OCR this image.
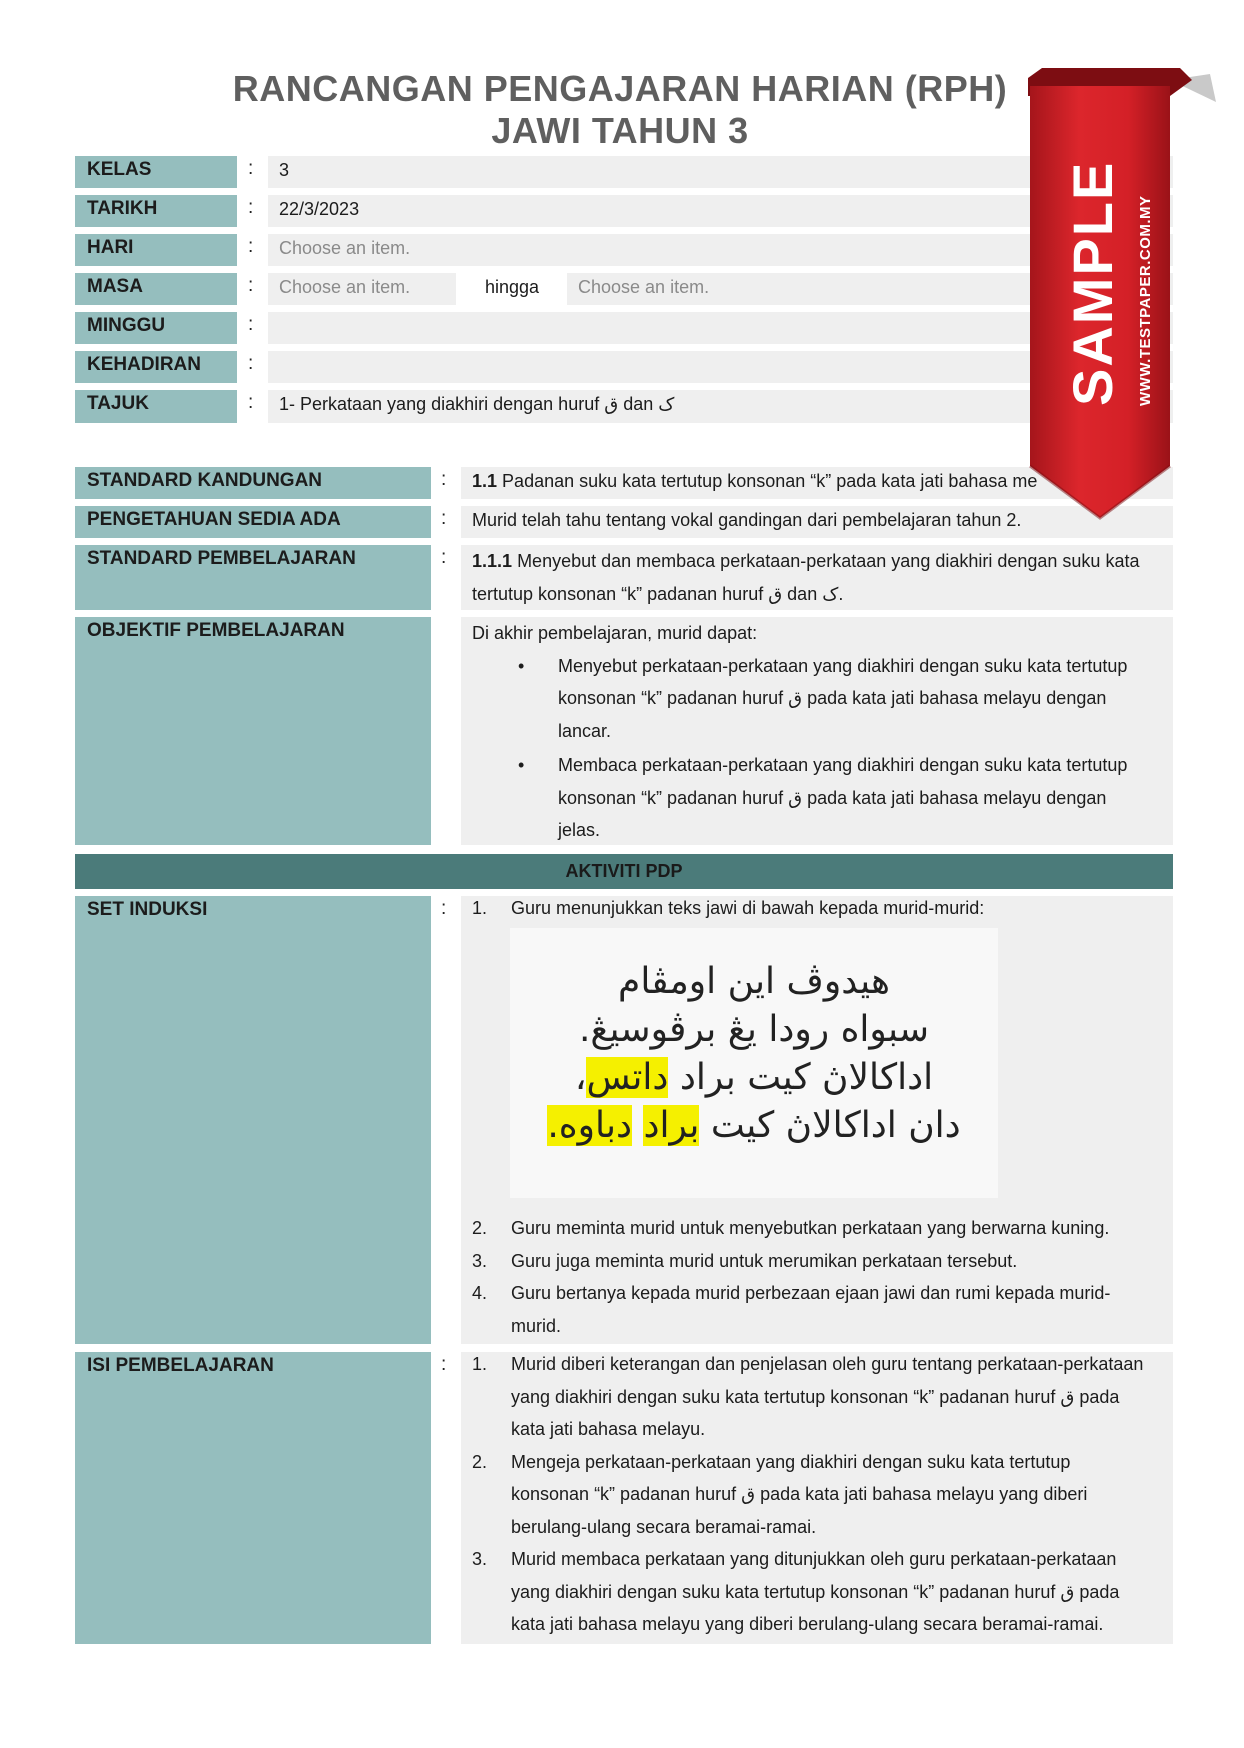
RANCANGAN PENGAJARAN HARIAN (RPH)
JAWI TAHUN 3
KELAS	:	3
TARIKH	:	22/3/2023
HARI	:	Choose an item.
MASA	:	Choose an item.	hingga	Choose an item.
MINGGU	:
KEHADIRAN	:
TAJUK	:	1- Perkataan yang diakhiri dengan huruf ق dan ک
STANDARD KANDUNGAN	:	1.1 Padanan suku kata tertutup konsonan “k” pada kata jati bahasa me
PENGETAHUAN SEDIA ADA	:	Murid telah tahu tentang vokal gandingan dari pembelajaran tahun 2.
STANDARD PEMBELAJARAN	:	1.1.1 Menyebut dan membaca perkataan-perkataan yang diakhiri dengan suku kata tertutup konsonan “k” padanan huruf ق dan ک.
OBJEKTIF PEMBELAJARAN	Di akhir pembelajaran, murid dapat:
• Menyebut perkataan-perkataan yang diakhiri dengan suku kata tertutup konsonan “k” padanan huruf ق pada kata jati bahasa melayu dengan lancar.
• Membaca perkataan-perkataan yang diakhiri dengan suku kata tertutup konsonan “k” padanan huruf ق pada kata jati bahasa melayu dengan jelas.
AKTIVITI PDP
SET INDUKSI	: 1. Guru menunjukkan teks jawi di bawah kepada murid-murid:
هيدوڤ اين اومڤام
سبواه رودا يڠ برڤوسيڠ.
اداکالاڽ کيت براد داتس،
دان اداکالاڽ کيت براد دباوه.
2. Guru meminta murid untuk menyebutkan perkataan yang berwarna kuning.
3. Guru juga meminta murid untuk merumikan perkataan tersebut.
4. Guru bertanya kepada murid perbezaan ejaan jawi dan rumi kepada murid-murid.
ISI PEMBELAJARAN	: 1. Murid diberi keterangan dan penjelasan oleh guru tentang perkataan-perkataan yang diakhiri dengan suku kata tertutup konsonan “k” padanan huruf ق pada kata jati bahasa melayu.
2. Mengeja perkataan-perkataan yang diakhiri dengan suku kata tertutup konsonan “k” padanan huruf ق pada kata jati bahasa melayu yang diberi berulang-ulang secara beramai-ramai.
3. Murid membaca perkataan yang ditunjukkan oleh guru perkataan-perkataan yang diakhiri dengan suku kata tertutup konsonan “k” padanan huruf ق pada kata jati bahasa melayu yang diberi berulang-ulang secara beramai-ramai.
SAMPLE WWW.TESTPAPER.COM.MY
